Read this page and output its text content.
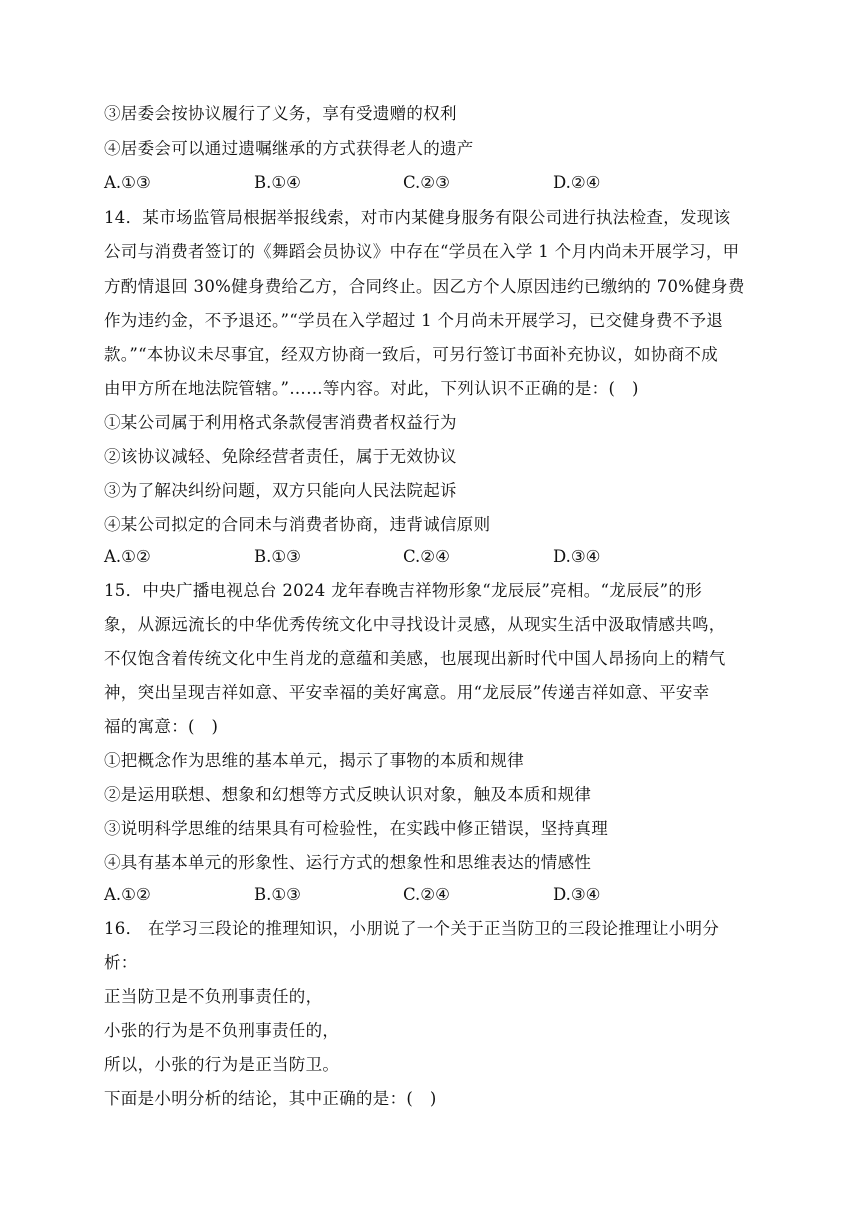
③居委会按协议履行了义务，享有受遗赠的权利
④居委会可以通过遗嘱继承的方式获得老人的遗产
A.①③	B.①④	C.②③	D.②④
14．某市场监管局根据举报线索，对市内某健身服务有限公司进行执法检查，发现该
公司与消费者签订的《舞蹈会员协议》中存在“学员在入学 1 个月内尚未开展学习，甲
方酌情退回 30%健身费给乙方，合同终止。因乙方个人原因违约已缴纳的 70%健身费
作为违约金，不予退还。”“学员在入学超过 1 个月尚未开展学习，已交健身费不予退
款。”“本协议未尽事宜，经双方协商一致后，可另行签订书面补充协议，如协商不成
由甲方所在地法院管辖。”……等内容。对此，下列认识不正确的是：(　)
①某公司属于利用格式条款侵害消费者权益行为
②该协议减轻、免除经营者责任，属于无效协议
③为了解决纠纷问题，双方只能向人民法院起诉
④某公司拟定的合同未与消费者协商，违背诚信原则
A.①②	B.①③	C.②④	D.③④
15．中央广播电视总台 2024 龙年春晚吉祥物形象“龙辰辰”亮相。“龙辰辰”的形
象，从源远流长的中华优秀传统文化中寻找设计灵感，从现实生活中汲取情感共鸣，
不仅饱含着传统文化中生肖龙的意蕴和美感，也展现出新时代中国人昂扬向上的精气
神，突出呈现吉祥如意、平安幸福的美好寓意。用“龙辰辰”传递吉祥如意、平安幸
福的寓意：(　)
①把概念作为思维的基本单元，揭示了事物的本质和规律
②是运用联想、想象和幻想等方式反映认识对象，触及本质和规律
③说明科学思维的结果具有可检验性，在实践中修正错误，坚持真理
④具有基本单元的形象性、运行方式的想象性和思维表达的情感性
A.①②	B.①③	C.②④	D.③④
16． 在学习三段论的推理知识，小朋说了一个关于正当防卫的三段论推理让小明分
析：
正当防卫是不负刑事责任的，
小张的行为是不负刑事责任的，
所以，小张的行为是正当防卫。
下面是小明分析的结论，其中正确的是：(　)
